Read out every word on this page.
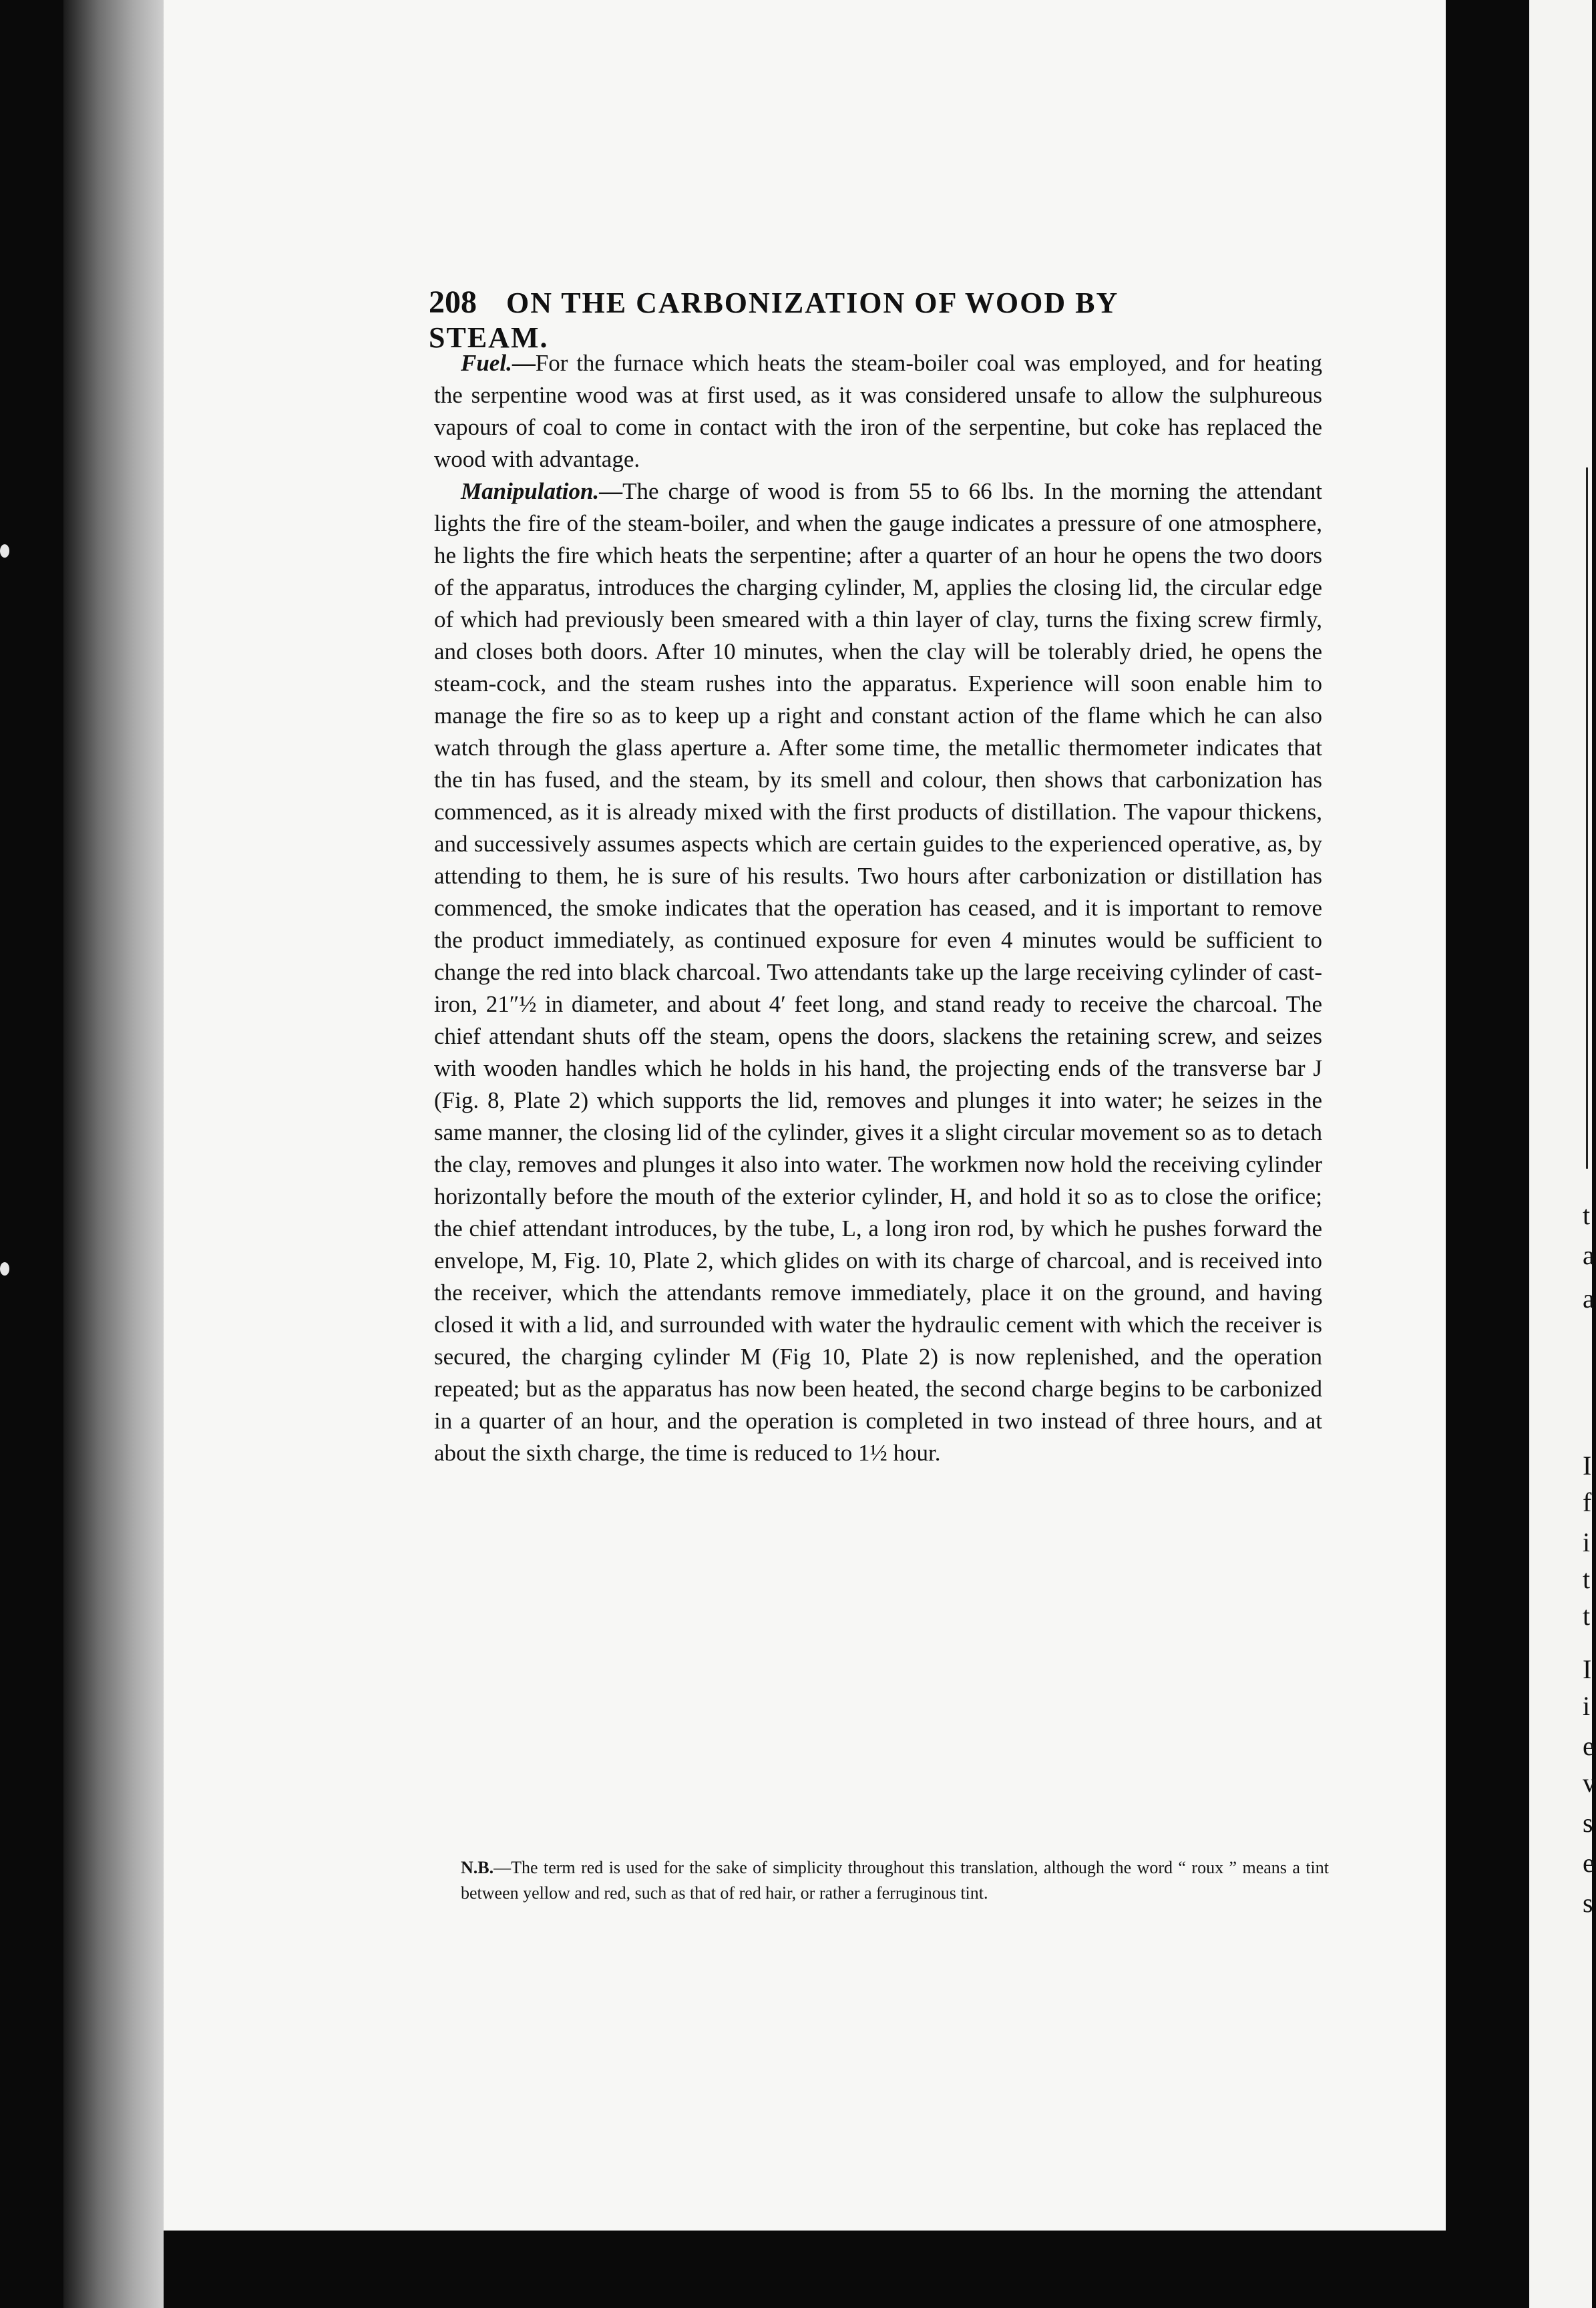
t
a
a
I
f
i
t
t
I
i
e
v
s
e
s
208 ON THE CARBONIZATION OF WOOD BY STEAM.

Fuel.—For the furnace which heats the steam-boiler coal was employed, and for heating the serpentine wood was at first used, as it was considered unsafe to allow the sulphureous vapours of coal to come in contact with the iron of the serpentine, but coke has replaced the wood with advantage.

Manipulation.—The charge of wood is from 55 to 66 lbs. In the morning the attendant lights the fire of the steam-boiler, and when the gauge indicates a pressure of one atmosphere, he lights the fire which heats the serpentine; after a quarter of an hour he opens the two doors of the apparatus, introduces the charging cylinder, M, applies the closing lid, the circular edge of which had previously been smeared with a thin layer of clay, turns the fixing screw firmly, and closes both doors. After 10 minutes, when the clay will be tolerably dried, he opens the steam-cock, and the steam rushes into the apparatus. Experience will soon enable him to manage the fire so as to keep up a right and constant action of the flame which he can also watch through the glass aperture a. After some time, the metallic thermometer indicates that the tin has fused, and the steam, by its smell and colour, then shows that carbonization has commenced, as it is already mixed with the first products of distillation. The vapour thickens, and successively assumes aspects which are certain guides to the experienced operative, as, by attending to them, he is sure of his results. Two hours after carbonization or distillation has commenced, the smoke indicates that the operation has ceased, and it is important to remove the product immediately, as continued exposure for even 4 minutes would be sufficient to change the red into black charcoal. Two attendants take up the large receiving cylinder of cast-iron, 21″½ in diameter, and about 4′ feet long, and stand ready to receive the charcoal. The chief attendant shuts off the steam, opens the doors, slackens the retaining screw, and seizes with wooden handles which he holds in his hand, the projecting ends of the transverse bar J (Fig. 8, Plate 2) which supports the lid, removes and plunges it into water; he seizes in the same manner, the closing lid of the cylinder, gives it a slight circular movement so as to detach the clay, removes and plunges it also into water. The workmen now hold the receiving cylinder horizontally before the mouth of the exterior cylinder, H, and hold it so as to close the orifice; the chief attendant introduces, by the tube, L, a long iron rod, by which he pushes forward the envelope, M, Fig. 10, Plate 2, which glides on with its charge of charcoal, and is received into the receiver, which the attendants remove immediately, place it on the ground, and having closed it with a lid, and surrounded with water the hydraulic cement with which the receiver is secured, the charging cylinder M (Fig 10, Plate 2) is now replenished, and the operation repeated; but as the apparatus has now been heated, the second charge begins to be carbonized in a quarter of an hour, and the operation is completed in two instead of three hours, and at about the sixth charge, the time is reduced to 1½ hour.

N.B.—The term red is used for the sake of simplicity throughout this translation, although the word “ roux ” means a tint between yellow and red, such as that of red hair, or rather a ferruginous tint.
